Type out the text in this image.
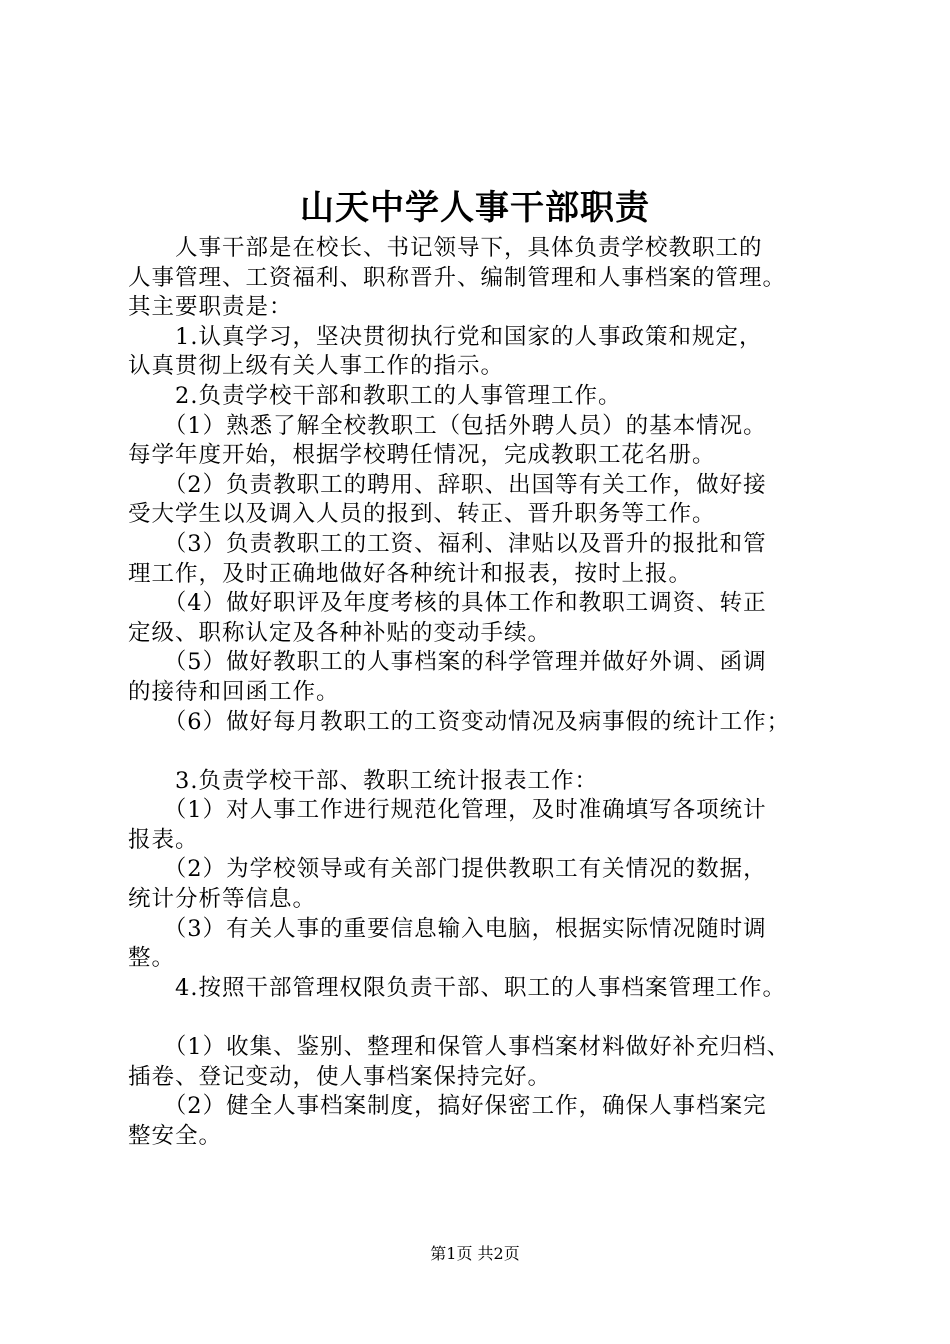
山天中学人事干部职责
　　人事干部是在校长、书记领导下，具体负责学校教职工的
人事管理、工资福利、职称晋升、编制管理和人事档案的管理。
其主要职责是：
　　1.认真学习，坚决贯彻执行党和国家的人事政策和规定，
认真贯彻上级有关人事工作的指示。
　　2.负责学校干部和教职工的人事管理工作。
　　（1）熟悉了解全校教职工（包括外聘人员）的基本情况。
每学年度开始，根据学校聘任情况，完成教职工花名册。
　　（2）负责教职工的聘用、辞职、出国等有关工作，做好接
受大学生以及调入人员的报到、转正、晋升职务等工作。
　　（3）负责教职工的工资、福利、津贴以及晋升的报批和管
理工作，及时正确地做好各种统计和报表，按时上报。
　　（4）做好职评及年度考核的具体工作和教职工调资、转正
定级、职称认定及各种补贴的变动手续。
　　（5）做好教职工的人事档案的科学管理并做好外调、函调
的接待和回函工作。
　　（6）做好每月教职工的工资变动情况及病事假的统计工作；
　　3.负责学校干部、教职工统计报表工作：
　　（1）对人事工作进行规范化管理，及时准确填写各项统计
报表。
　　（2）为学校领导或有关部门提供教职工有关情况的数据，
统计分析等信息。
　　（3）有关人事的重要信息输入电脑，根据实际情况随时调
整。
　　4.按照干部管理权限负责干部、职工的人事档案管理工作。
　　（1）收集、鉴别、整理和保管人事档案材料做好补充归档、
插卷、登记变动，使人事档案保持完好。
　　（2）健全人事档案制度，搞好保密工作，确保人事档案完
整安全。
第1页 共2页
